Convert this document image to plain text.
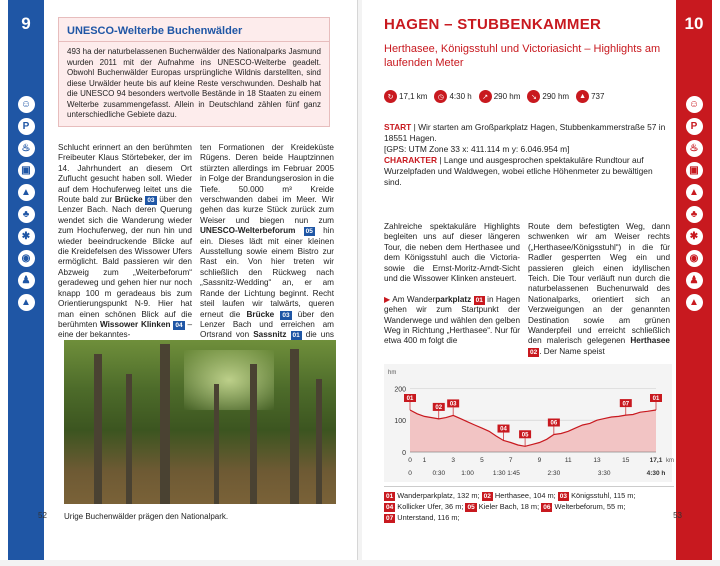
9
☺
P
♨
▣
▲
♣
✱
◉
♟
▲
UNESCO-Welterbe Buchenwälder
493 ha der naturbelassenen Buchenwälder des Nationalparks Jasmund wurden 2011 mit der Aufnahme ins UNESCO-Welterbe geadelt. Obwohl Buchenwälder Europas ursprüngliche Wildnis darstellten, sind diese Urwälder heute bis auf kleine Reste verschwunden. Deshalb hat die UNESCO 94 besonders wertvolle Bestände in 18 Staaten zu einem Welterbe zusammengefasst. Allein in Deutschland zählen fünf ganz unterschiedliche Gebiete dazu.
Schlucht erinnert an den berühmten Freibeuter Klaus Störtebeker, der im 14. Jahrhundert an diesem Ort Zuflucht gesucht haben soll. Wieder auf dem Hochuferweg leitet uns die Route bald zur Brücke 03 über den Lenzer Bach. Nach deren Querung wendet sich die Wanderung wieder zum Hochuferweg, der nun hin und wieder beeindruckende Blicke auf die Kreidefelsen des Wissower Ufers ermöglicht. Bald passieren wir den Abzweig zum „Weiterbeforum“ geradeweg und gehen hier nur noch knapp 100 m geradeaus bis zum Orientierungspunkt N-9. Hier hat man einen schönen Blick auf die berühmten Wissower Klinken 04 – eine der bekanntes-
ten Formationen der Kreideküste Rügens. Deren beide Hauptzinnen stürzten allerdings im Februar 2005 in Folge der Brandungserosion in die Tiefe. 50.000 m³ Kreide verschwanden dabei im Meer. Wir gehen das kurze Stück zurück zum Weiser und biegen nun zum UNESCO-Welterbeforum 05 hin ein. Dieses lädt mit einer kleinen Ausstellung sowie einem Bistro zur Rast ein. Von hier treten wir schließlich den Rückweg nach „Sassnitz-Wedding“ an, er am Rande der Lichtung beginnt. Recht steil laufen wir talwärts, queren erneut die Brücke 03 über den Lenzer Bach und erreichen am Ortsrand von Sassnitz 01 die uns
Urige Buchenwälder prägen den Nationalpark.
52
10
☺
P
♨
▣
▲
♣
✱
◉
♟
▲
HAGEN – STUBBENKAMMER
Herthasee, Königsstuhl und Victoriasicht – Highlights am laufenden Meter
↻ 17,1 km	◷ 4:30 h	↗ 290 hm	↘ 290 hm	▲ 737
START | Wir starten am Großparkplatz Hagen, Stubbenkammerstraße 57 in 18551 Hagen.
[GPS: UTM Zone 33 x: 411.114 m y: 6.046.954 m]
CHARAKTER | Lange und ausgesprochen spektakuläre Rundtour auf Wurzelpfaden und Waldwegen, wobei etliche Höhenmeter zu bewältigen sind.
Zahlreiche spektakuläre Highlights begleiten uns auf dieser längeren Tour, die neben dem Herthasee und dem Königsstuhl auch die Victoria- sowie die Ernst-Moritz-Arndt-Sicht und die Wissower Klinken ansteuert.

▶ Am Wanderparkplatz 01 in Hagen gehen wir zum Startpunkt der Wanderwege und wählen den gelben Weg in Richtung „Herthasee“. Nur für etwa 400 m folgt die
Route dem befestigten Weg, dann schwenken wir am Weiser rechts („Herthasee/Königsstuhl“) in die für Radler gesperrten Weg ein und passieren gleich einen idyllischen Teich. Die Tour verläuft nun durch die naturbelassenen Buchenurwald des Nationalparks, orientiert sich an Verzweigungen an der genannten Destination sowie am grünen Wanderpfeil und erreicht schließlich den malerisch gelegenen Herthasee 02 . Der Name speist
200
100
0
hm
0 1	3	5	7	9	11	13	15	17,1 km
0	0:30 1:00	1:30 1:45	2:30	3:30	4:30 h
01
02
03
04
05
06
07
01
01 Wanderparkplatz, 132 m; 02 Herthasee, 104 m; 03 Königsstuhl, 115 m;
04 Kollicker Ufer, 36 m; 05 Kieler Bach, 18 m; 06 Welterbeforum, 55 m;
07 Unterstand, 116 m;	53
